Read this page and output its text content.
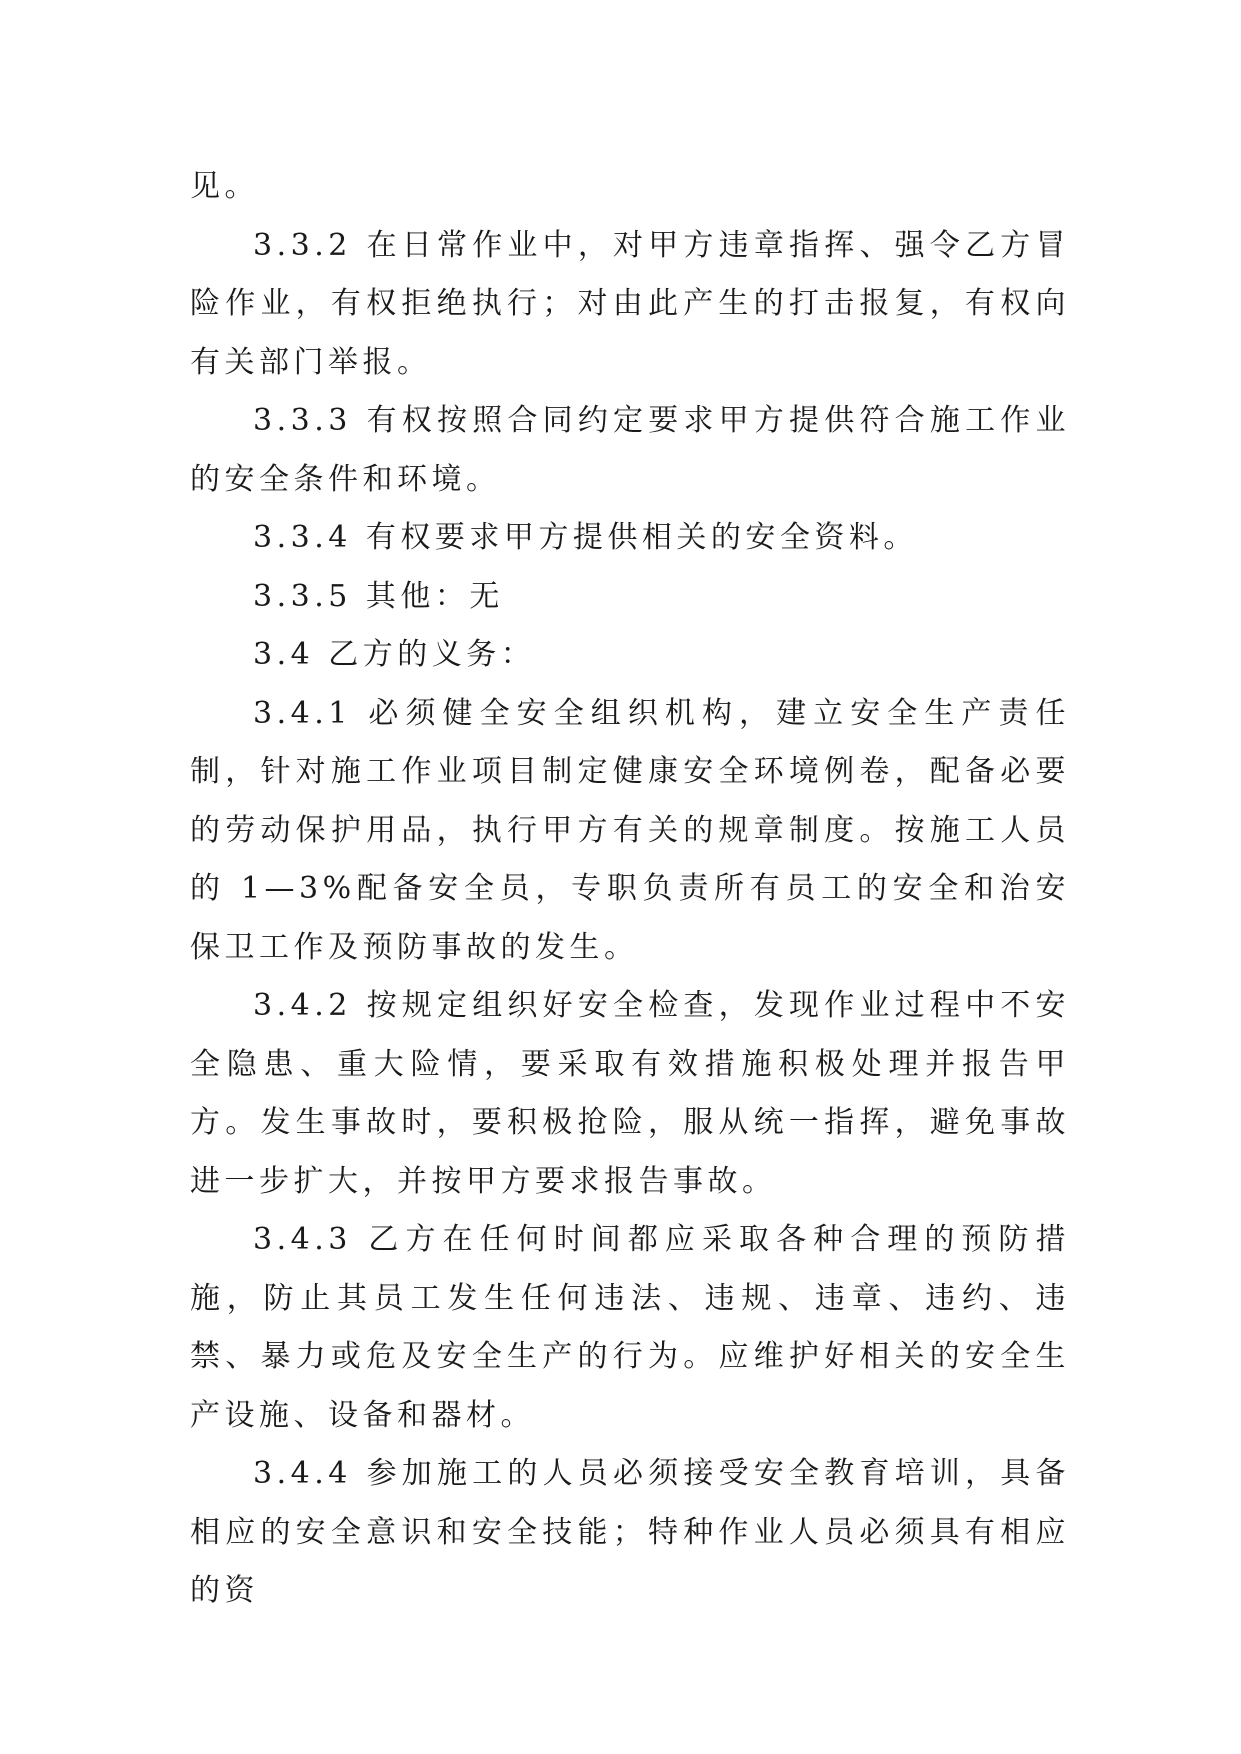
见。

3.3.2 在日常作业中，对甲方违章指挥、强令乙方冒险作业，有权拒绝执行；对由此产生的打击报复，有权向有关部门举报。

3.3.3 有权按照合同约定要求甲方提供符合施工作业的安全条件和环境。

3.3.4 有权要求甲方提供相关的安全资料。

3.3.5 其他：无

3.4 乙方的义务：

3.4.1 必须健全安全组织机构，建立安全生产责任制，针对施工作业项目制定健康安全环境例卷，配备必要的劳动保护用品，执行甲方有关的规章制度。按施工人员的 1—3%配备安全员，专职负责所有员工的安全和治安保卫工作及预防事故的发生。

3.4.2 按规定组织好安全检查，发现作业过程中不安全隐患、重大险情，要采取有效措施积极处理并报告甲方。发生事故时，要积极抢险，服从统一指挥，避免事故进一步扩大，并按甲方要求报告事故。

3.4.3 乙方在任何时间都应采取各种合理的预防措施，防止其员工发生任何违法、违规、违章、违约、违禁、暴力或危及安全生产的行为。应维护好相关的安全生产设施、设备和器材。

3.4.4 参加施工的人员必须接受安全教育培训，具备相应的安全意识和安全技能；特种作业人员必须具有相应的资
